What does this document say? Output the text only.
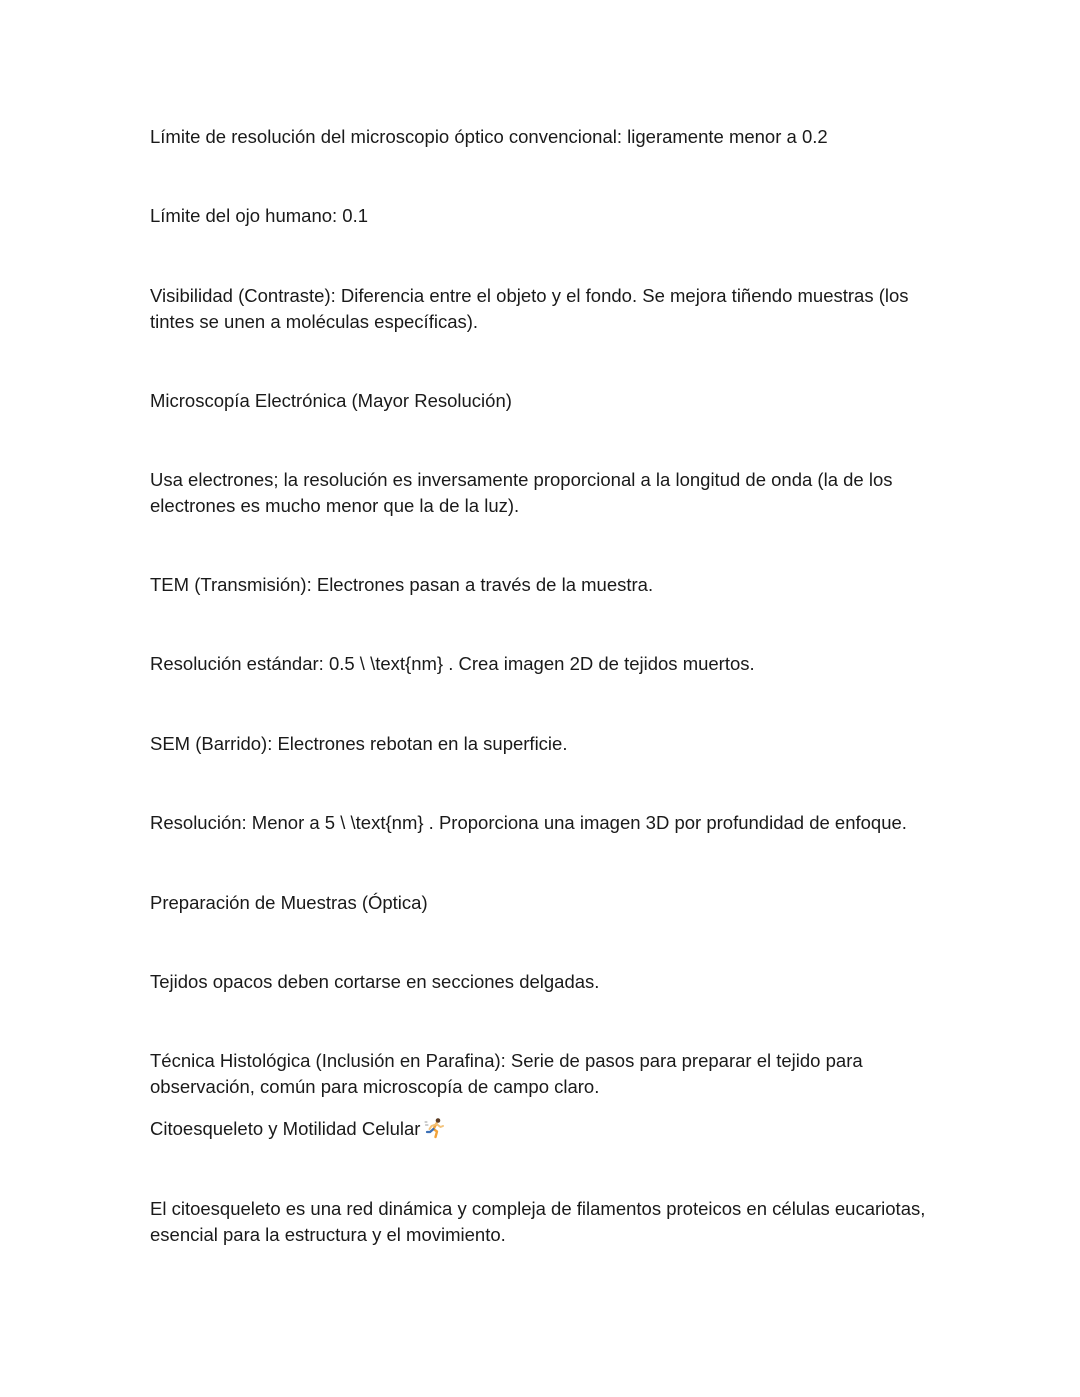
Límite de resolución del microscopio óptico convencional: ligeramente menor a 0.2

Límite del ojo humano: 0.1

Visibilidad (Contraste): Diferencia entre el objeto y el fondo. Se mejora tiñendo muestras (los tintes se unen a moléculas específicas).

Microscopía Electrónica (Mayor Resolución)

Usa electrones; la resolución es inversamente proporcional a la longitud de onda (la de los electrones es mucho menor que la de la luz).

TEM (Transmisión): Electrones pasan a través de la muestra.

Resolución estándar: 0.5 \ \text{nm} . Crea imagen 2D de tejidos muertos.

SEM (Barrido): Electrones rebotan en la superficie.

Resolución: Menor a 5 \ \text{nm} . Proporciona una imagen 3D por profundidad de enfoque.

Preparación de Muestras (Óptica)

Tejidos opacos deben cortarse en secciones delgadas.

Técnica Histológica (Inclusión en Parafina): Serie de pasos para preparar el tejido para observación, común para microscopía de campo claro.

Citoesqueleto y Motilidad Celular

El citoesqueleto es una red dinámica y compleja de filamentos proteicos en células eucariotas, esencial para la estructura y el movimiento.
